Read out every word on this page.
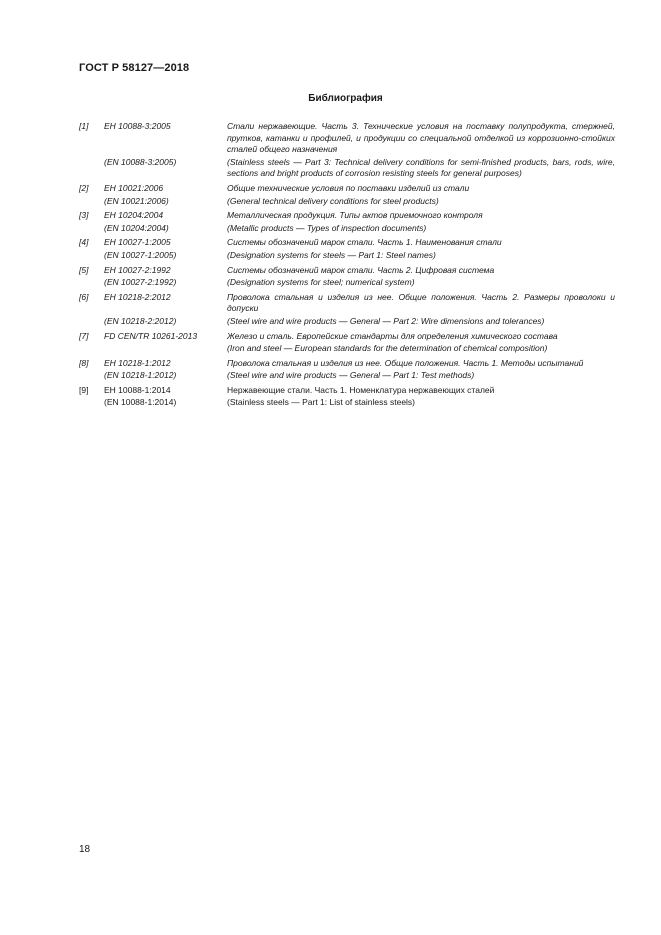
ГОСТ Р 58127—2018
Библиография
[1]	ЕН 10088-3:2005	Стали нержавеющие. Часть 3. Технические условия на поставку полупродукта, стержней, прутков, катанки и профилей, и продукции со специальной отделкой из коррозионно-стойких сталей общего назначения
(EN 10088-3:2005)	(Stainless steels — Part 3: Technical delivery conditions for semi-finished products, bars, rods, wire, sections and bright products of corrosion resisting steels for general purposes)
[2]	ЕН 10021:2006	Общие технические условия по поставки изделий из стали
(EN 10021:2006)	(General technical delivery conditions for steel products)
[3]	ЕН 10204:2004	Металлическая продукция. Типы актов приемочного контроля
(EN 10204:2004)	(Metallic products — Types of inspection documents)
[4]	ЕН 10027-1:2005	Системы обозначений марок стали. Часть 1. Наименования стали
(EN 10027-1:2005)	(Designation systems for steels — Part 1: Steel names)
[5]	ЕН 10027-2:1992	Системы обозначений марок стали. Часть 2. Цифровая система
(EN 10027-2:1992)	(Designation systems for steel; numerical system)
[6]	ЕН 10218-2:2012	Проволока стальная и изделия из нее. Общие положения. Часть 2. Размеры проволоки и допуски
(EN 10218-2:2012)	(Steel wire and wire products — General — Part 2: Wire dimensions and tolerances)
[7]	FD CEN/TR 10261-2013	Железо и сталь. Европейские стандарты для определения химического состава
(Iron and steel — European standards for the determination of chemical composition)
[8]	ЕН 10218-1:2012	Проволока стальная и изделия из нее. Общие положения. Часть 1. Методы испытаний
(EN 10218-1:2012)	(Steel wire and wire products — General — Part 1: Test methods)
[9]	ЕН 10088-1:2014	Нержавеющие стали. Часть 1. Номенклатура нержавеющих сталей
(EN 10088-1:2014)	(Stainless steels — Part 1: List of stainless steels)
18
